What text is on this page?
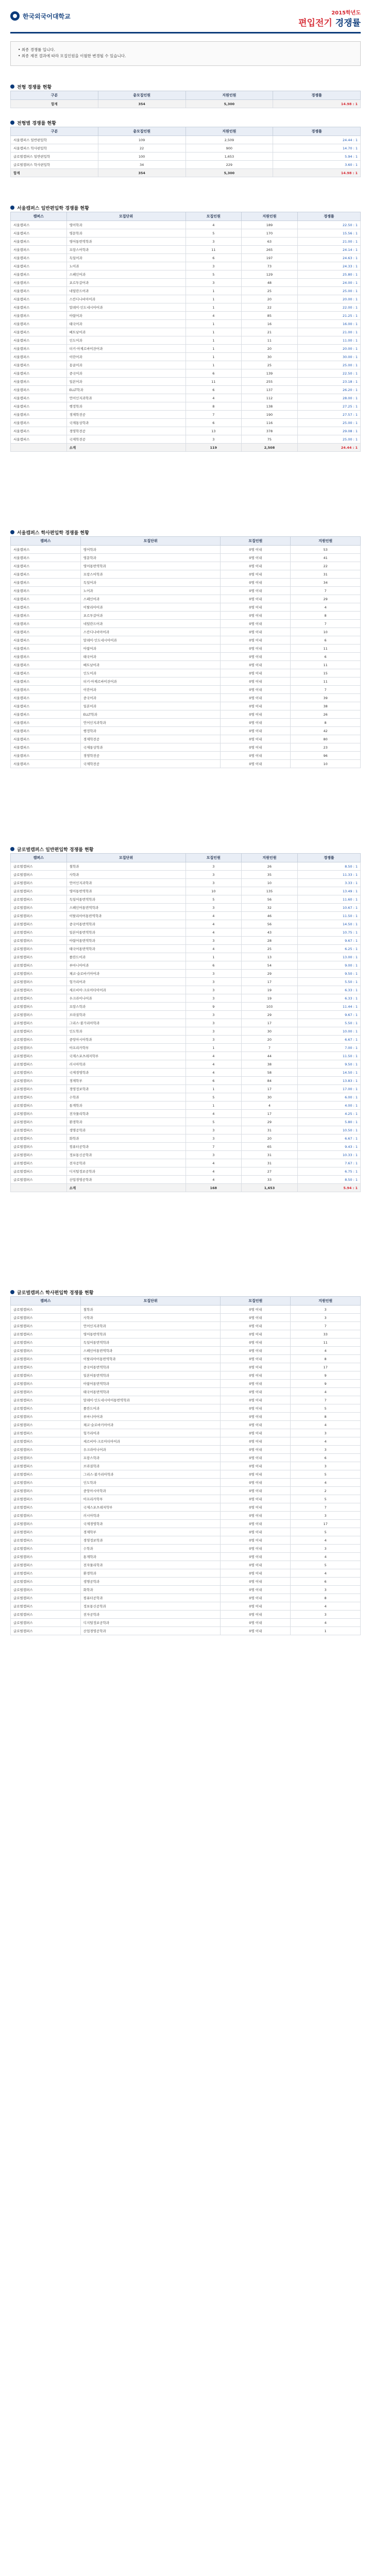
한국외국어대학교	2015학년도
편입전기 경쟁률
• 최종 경쟁률 입니다.
• 최종 재전 결과에 따라 모집인원을 이월한 변경될 수 있습니다.
전형 경쟁률 현황
구분	총모집인원	지원인원	경쟁률
합계	354	5,300	14.98 : 1
전형별 경쟁률 현황
구분	총모집인원	지원인원	경쟁률
서울캠퍼스 일반편입학	109	2,509	24.44 : 1
서울캠퍼스 학사편입학	22	900	14.70 : 1
글로벌캠퍼스 일반편입학	100	1,653	5.94 : 1
글로벌캠퍼스 학사편입학	34	229	3.60 : 1
합계	354	5,300	14.98 : 1
서울캠퍼스 일반편입학 경쟁률 현황
캠퍼스	모집단위	모집인원	지원인원	경쟁률
서울캠퍼스	영어학과	4	189	22.50 : 1
서울캠퍼스	영문학과	5	170	15.56 : 1
서울캠퍼스	영어통번역학과	3	63	21.00 : 1
서울캠퍼스	프랑스어학과	11	265	24.14 : 1
서울캠퍼스	독일어과	6	197	24.63 : 1
서울캠퍼스	노어과	3	73	24.33 : 1
서울캠퍼스	스페인어과	5	129	25.80 : 1
서울캠퍼스	포르투갈어과	3	48	24.00 : 1
서울캠퍼스	네덜란드어과	1	25	25.00 : 1
서울캠퍼스	스칸디나비아어과	1	20	20.00 : 1
서울캠퍼스	말레이·인도네시아어과	1	22	22.00 : 1
서울캠퍼스	아랍어과	4	85	21.25 : 1
서울캠퍼스	태국어과	1	16	16.00 : 1
서울캠퍼스	베트남어과	1	21	21.00 : 1
서울캠퍼스	인도어과	1	11	11.00 : 1
서울캠퍼스	터키·아제르바이잔어과	1	20	20.00 : 1
서울캠퍼스	이란어과	1	30	30.00 : 1
서울캠퍼스	몽골어과	1	25	25.00 : 1
서울캠퍼스	중국어과	6	139	22.50 : 1
서울캠퍼스	일본어과	11	255	23.18 : 1
서울캠퍼스	ELLT학과	6	137	26.20 : 1
서울캠퍼스	언어인지과학과	4	112	28.00 : 1
서울캠퍼스	행정학과	8	138	27.25 : 1
서울캠퍼스	경제학전공	7	190	27.57 : 1
서울캠퍼스	국제통상학과	6	116	25.00 : 1
서울캠퍼스	경영학전공	13	378	29.08 : 1
서울캠퍼스	국제학전공	3	75	25.00 : 1
	소계	119	2,508	24.44 : 1
서울캠퍼스 학사편입학 경쟁률 현황
캠퍼스	모집단위	모집인원	지원인원
서울캠퍼스	영어학과	0명 이내	53
서울캠퍼스	영문학과	0명 이내	41
서울캠퍼스	영어통번역학과	0명 이내	22
서울캠퍼스	프랑스어학과	0명 이내	31
서울캠퍼스	독일어과	0명 이내	34
서울캠퍼스	노어과	0명 이내	7
서울캠퍼스	스페인어과	0명 이내	29
서울캠퍼스	이탈리아어과	0명 이내	4
서울캠퍼스	포르투갈어과	0명 이내	8
서울캠퍼스	네덜란드어과	0명 이내	7
서울캠퍼스	스칸디나비아어과	0명 이내	10
서울캠퍼스	말레이·인도네시아어과	0명 이내	6
서울캠퍼스	아랍어과	0명 이내	11
서울캠퍼스	태국어과	0명 이내	6
서울캠퍼스	베트남어과	0명 이내	11
서울캠퍼스	인도어과	0명 이내	15
서울캠퍼스	터키·아제르바이잔어과	0명 이내	11
서울캠퍼스	이란어과	0명 이내	7
서울캠퍼스	중국어과	0명 이내	39
서울캠퍼스	일본어과	0명 이내	38
서울캠퍼스	ELLT학과	0명 이내	26
서울캠퍼스	언어인지과학과	0명 이내	8
서울캠퍼스	행정학과	0명 이내	42
서울캠퍼스	경제학전공	0명 이내	80
서울캠퍼스	국제통상학과	0명 이내	23
서울캠퍼스	경영학전공	0명 이내	96
서울캠퍼스	국제학전공	0명 이내	10
글로벌캠퍼스 일반편입학 경쟁률 현황
캠퍼스	모집단위	모집인원	지원인원	경쟁률
글로벌캠퍼스	철학과	3	26	8.50 : 1
글로벌캠퍼스	사학과	3	35	11.33 : 1
글로벌캠퍼스	언어인지과학과	3	10	3.33 : 1
글로벌캠퍼스	영어통번역학과	10	135	13.49 : 1
글로벌캠퍼스	독일어통번역학과	5	56	11.60 : 1
글로벌캠퍼스	스페인어통번역학과	3	32	10.67 : 1
글로벌캠퍼스	이탈리아어통번역학과	4	46	11.50 : 1
글로벌캠퍼스	중국어통번역학과	4	56	14.50 : 1
글로벌캠퍼스	일본어통번역학과	4	43	10.75 : 1
글로벌캠퍼스	아랍어통번역학과	3	28	9.67 : 1
글로벌캠퍼스	태국어통번역학과	4	25	6.25 : 1
글로벌캠퍼스	폴란드어과	1	13	13.00 : 1
글로벌캠퍼스	루마니아어과	6	54	9.00 : 1
글로벌캠퍼스	체코·슬로바키아어과	3	29	9.50 : 1
글로벌캠퍼스	헝가리어과	3	17	5.50 : 1
글로벌캠퍼스	세르비아·크로아티아어과	3	19	6.33 : 1
글로벌캠퍼스	우크라이나어과	3	19	6.33 : 1
글로벌캠퍼스	프랑스학과	9	103	11.44 : 1
글로벌캠퍼스	브라질학과	3	29	9.67 : 1
글로벌캠퍼스	그리스·불가리아학과	3	17	5.50 : 1
글로벌캠퍼스	인도학과	3	30	10.00 : 1
글로벌캠퍼스	중앙아시아학과	3	20	6.67 : 1
글로벌캠퍼스	아프리카학부	1	7	7.00 : 1
글로벌캠퍼스	국제스포츠레저학부	4	44	11.50 : 1
글로벌캠퍼스	러시아학과	4	38	9.50 : 1
글로벌캠퍼스	국제경영학과	4	58	14.50 : 1
글로벌캠퍼스	경제학부	6	84	13.83 : 1
글로벌캠퍼스	경영정보학과	1	17	17.00 : 1
글로벌캠퍼스	수학과	5	30	6.00 : 1
글로벌캠퍼스	통계학과	1	4	4.00 : 1
글로벌캠퍼스	전자물리학과	4	17	4.25 : 1
글로벌캠퍼스	환경학과	5	29	5.80 : 1
글로벌캠퍼스	생명공학과	3	31	10.50 : 1
글로벌캠퍼스	화학과	3	20	6.67 : 1
글로벌캠퍼스	컴퓨터공학과	7	65	9.43 : 1
글로벌캠퍼스	정보통신공학과	3	31	10.33 : 1
글로벌캠퍼스	전자공학과	4	31	7.67 : 1
글로벌캠퍼스	디지털정보공학과	4	27	6.75 : 1
글로벌캠퍼스	산업경영공학과	4	33	8.50 : 1
	소계	168	1,653	5.94 : 1
글로벌캠퍼스 학사편입학 경쟁률 현황
캠퍼스	모집단위	모집인원	지원인원
글로벌캠퍼스	철학과	0명 이내	3
글로벌캠퍼스	사학과	0명 이내	3
글로벌캠퍼스	언어인지과학과	0명 이내	7
글로벌캠퍼스	영어통번역학과	0명 이내	33
글로벌캠퍼스	독일어통번역학과	0명 이내	11
글로벌캠퍼스	스페인어통번역학과	0명 이내	4
글로벌캠퍼스	이탈리아어통번역학과	0명 이내	8
글로벌캠퍼스	중국어통번역학과	0명 이내	17
글로벌캠퍼스	일본어통번역학과	0명 이내	9
글로벌캠퍼스	아랍어통번역학과	0명 이내	9
글로벌캠퍼스	태국어통번역학과	0명 이내	4
글로벌캠퍼스	말레이·인도네시아어통번역학과	0명 이내	7
글로벌캠퍼스	폴란드어과	0명 이내	5
글로벌캠퍼스	루마니아어과	0명 이내	8
글로벌캠퍼스	체코·슬로바키아어과	0명 이내	4
글로벌캠퍼스	헝가리어과	0명 이내	3
글로벌캠퍼스	세르비아·크로아티아어과	0명 이내	4
글로벌캠퍼스	우크라이나어과	0명 이내	3
글로벌캠퍼스	프랑스학과	0명 이내	6
글로벌캠퍼스	브라질학과	0명 이내	3
글로벌캠퍼스	그리스·불가리아학과	0명 이내	5
글로벌캠퍼스	인도학과	0명 이내	4
글로벌캠퍼스	중앙아시아학과	0명 이내	2
글로벌캠퍼스	아프리카학부	0명 이내	5
글로벌캠퍼스	국제스포츠레저학부	0명 이내	7
글로벌캠퍼스	러시아학과	0명 이내	3
글로벌캠퍼스	국제경영학과	0명 이내	17
글로벌캠퍼스	경제학부	0명 이내	5
글로벌캠퍼스	경영정보학과	0명 이내	4
글로벌캠퍼스	수학과	0명 이내	3
글로벌캠퍼스	통계학과	0명 이내	4
글로벌캠퍼스	전자물리학과	0명 이내	5
글로벌캠퍼스	환경학과	0명 이내	4
글로벌캠퍼스	생명공학과	0명 이내	6
글로벌캠퍼스	화학과	0명 이내	3
글로벌캠퍼스	컴퓨터공학과	0명 이내	8
글로벌캠퍼스	정보통신공학과	0명 이내	4
글로벌캠퍼스	전자공학과	0명 이내	3
글로벌캠퍼스	디지털정보공학과	0명 이내	4
글로벌캠퍼스	산업경영공학과	0명 이내	1
